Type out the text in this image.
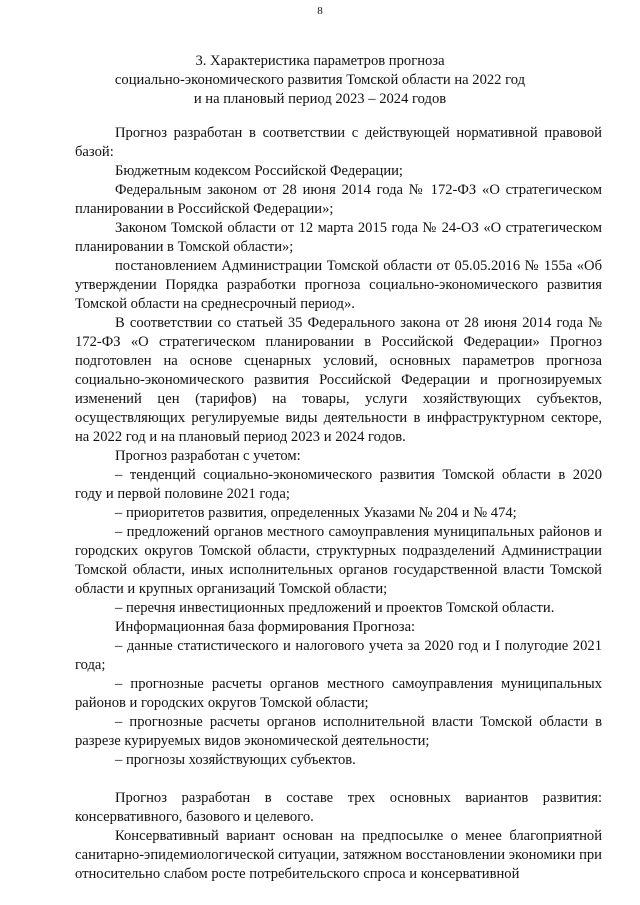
8
3. Характеристика параметров прогноза
социально-экономического развития Томской области на 2022 год
и на плановый период 2023 – 2024 годов

Прогноз разработан в соответствии с действующей нормативной правовой базой:

Бюджетным кодексом Российской Федерации;

Федеральным законом от 28 июня 2014 года № 172-ФЗ «О стратегическом планировании в Российской Федерации»;

Законом Томской области от 12 марта 2015 года № 24-ОЗ «О стратегическом планировании в Томской области»;

постановлением Администрации Томской области от 05.05.2016 № 155а «Об утверждении Порядка разработки прогноза социально-экономического развития Томской области на среднесрочный период».

В соответствии со статьей 35 Федерального закона от 28 июня 2014 года № 172-ФЗ «О стратегическом планировании в Российской Федерации» Прогноз подготовлен на основе сценарных условий, основных параметров прогноза социально-экономического развития Российской Федерации и прогнозируемых изменений цен (тарифов) на товары, услуги хозяйствующих субъектов, осуществляющих регулируемые виды деятельности в инфраструктурном секторе, на 2022 год и на плановый период 2023 и 2024 годов.

Прогноз разработан с учетом:

– тенденций социально-экономического развития Томской области в 2020 году и первой половине 2021 года;

– приоритетов развития, определенных Указами № 204 и № 474;

– предложений органов местного самоуправления муниципальных районов и городских округов Томской области, структурных подразделений Администрации Томской области, иных исполнительных органов государственной власти Томской области и крупных организаций Томской области;

– перечня инвестиционных предложений и проектов Томской области.

Информационная база формирования Прогноза:

– данные статистического и налогового учета за 2020 год и I полугодие 2021 года;

– прогнозные расчеты органов местного самоуправления муниципальных районов и городских округов Томской области;

– прогнозные расчеты органов исполнительной власти Томской области в разрезе курируемых видов экономической деятельности;

– прогнозы хозяйствующих субъектов.

Прогноз разработан в составе трех основных вариантов развития: консервативного, базового и целевого.

Консервативный вариант основан на предпосылке о менее благоприятной санитарно-эпидемиологической ситуации, затяжном восстановлении экономики при относительно слабом росте потребительского спроса и консервативной
